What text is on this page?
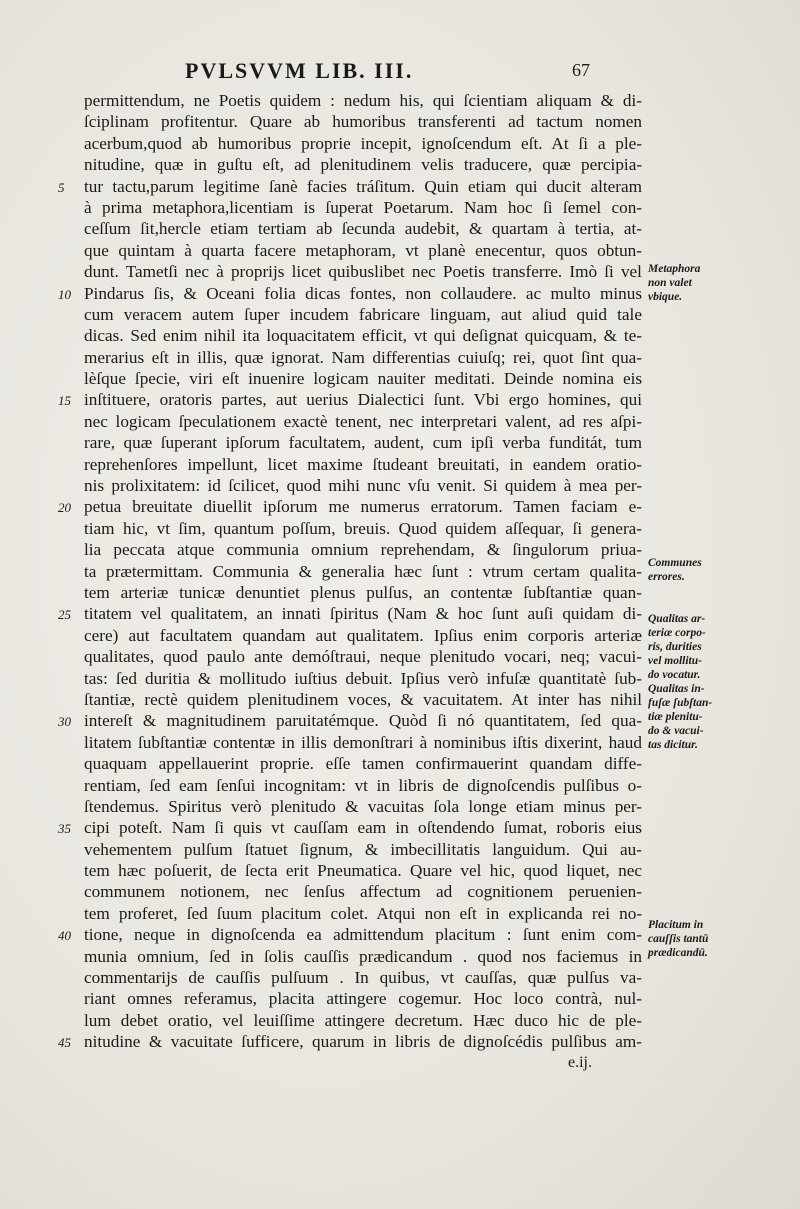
PVLSVVM LIB. III.	67
permittendum, ne Poetis quidem : nedum his, qui ſcientiam aliquam & di-
ſciplinam profitentur. Quare ab humoribus transferenti ad tactum nomen
acerbum,quod ab humoribus proprie incepit, ignoſcendum eſt. At ſi a ple-
nitudine, quæ in guſtu eſt, ad plenitudinem velis traducere, quæ percipia-
5 tur tactu,parum legitime ſanè facies tráſitum. Quin etiam qui ducit alteram
à prima metaphora,licentiam is ſuperat Poetarum. Nam hoc ſi ſemel con-
ceſſum ſit,hercle etiam tertiam ab ſecunda audebit, & quartam à tertia, at-
que quintam à quarta facere metaphoram, vt planè enecentur, quos obtun-
dunt. Tametſi nec à proprijs licet quibuslibet nec Poetis transferre. Imò ſi vel
10 Pindarus ſis, & Oceani folia dicas fontes, non collaudere. ac multo minus
cum veracem autem ſuper incudem fabricare linguam, aut aliud quid tale
dicas. Sed enim nihil ita loquacitatem efficit, vt qui deſignat quicquam, & te-
merarius eſt in illis, quæ ignorat. Nam differentias cuiuſq; rei, quot ſint qua-
lèſque ſpecie, viri eſt inuenire logicam nauiter meditati. Deinde nomina eis
15 inſtituere, oratoris partes, aut uerius Dialectici ſunt. Vbi ergo homines, qui
nec logicam ſpeculationem exactè tenent, nec interpretari valent, ad res aſpi-
rare, quæ ſuperant ipſorum facultatem, audent, cum ipſi verba funditát, tum
reprehenſores impellunt, licet maxime ſtudeant breuitati, in eandem oratio-
nis prolixitatem: id ſcilicet, quod mihi nunc vſu venit. Si quidem à mea per-
20 petua breuitate diuellit ipſorum me numerus erratorum. Tamen faciam e-
tiam hic, vt ſim, quantum poſſum, breuis. Quod quidem aſſequar, ſi genera-
lia peccata atque communia omnium reprehendam, & ſingulorum priua-
ta prætermittam. Communia & generalia hæc ſunt : vtrum certam qualita-
tem arteriæ tunicæ denuntiet plenus pulſus, an contentæ ſubſtantiæ quan-
25 titatem vel qualitatem, an innati ſpiritus (Nam & hoc ſunt auſi quidam di-
cere) aut facultatem quandam aut qualitatem. Ipſius enim corporis arteriæ
qualitates, quod paulo ante demóſtraui, neque plenitudo vocari, neq; vacui-
tas: ſed duritia & mollitudo iuſtius debuit. Ipſius verò infuſæ quantitatè ſub-
ſtantiæ, rectè quidem plenitudinem voces, & vacuitatem. At inter has nihil
30 intereſt & magnitudinem paruitatémque. Quòd ſi nó quantitatem, ſed qua-
litatem ſubſtantiæ contentæ in illis demonſtrari à nominibus iſtis dixerint, haud
quaquam appellauerint proprie. eſſe tamen confirmauerint quandam diffe-
rentiam, ſed eam ſenſui incognitam: vt in libris de dignoſcendis pulſibus o-
ſtendemus. Spiritus verò plenitudo & vacuitas ſola longe etiam minus per-
35 cipi poteſt. Nam ſi quis vt cauſſam eam in oſtendendo ſumat, roboris eius
vehementem pulſum ſtatuet ſignum, & imbecillitatis languidum. Qui au-
tem hæc poſuerit, de ſecta erit Pneumatica. Quare vel hic, quod liquet, nec
communem notionem, nec ſenſus affectum ad cognitionem peruenien-
tem proferet, ſed ſuum placitum colet. Atqui non eſt in explicanda rei no-
40 tione, neque in dignoſcenda ea admittendum placitum : ſunt enim com-
munia omnium, ſed in ſolis cauſſis prædicandum . quod nos faciemus in
commentarijs de cauſſis pulſuum . In quibus, vt cauſſas, quæ pulſus va-
riant omnes referamus, placita attingere cogemur. Hoc loco contrà, nul-
lum debet oratio, vel leuiſſime attingere decretum. Hæc duco hic de ple-
45 nitudine & vacuitate ſufficere, quarum in libris de dignoſcédis pulſibus am-
Metaphora
non valet
vbique.
Communes
errores.
Qualitas ar-
teriæ corpo-
ris, durities
vel mollitu-
do vocatur.
Qualitas in-
fuſæ ſubſtan-
tiæ plenitu-
do & vacui-
tas dicitur.
Placitum in
cauſſis tantū
prædicandū.
e.ij.
